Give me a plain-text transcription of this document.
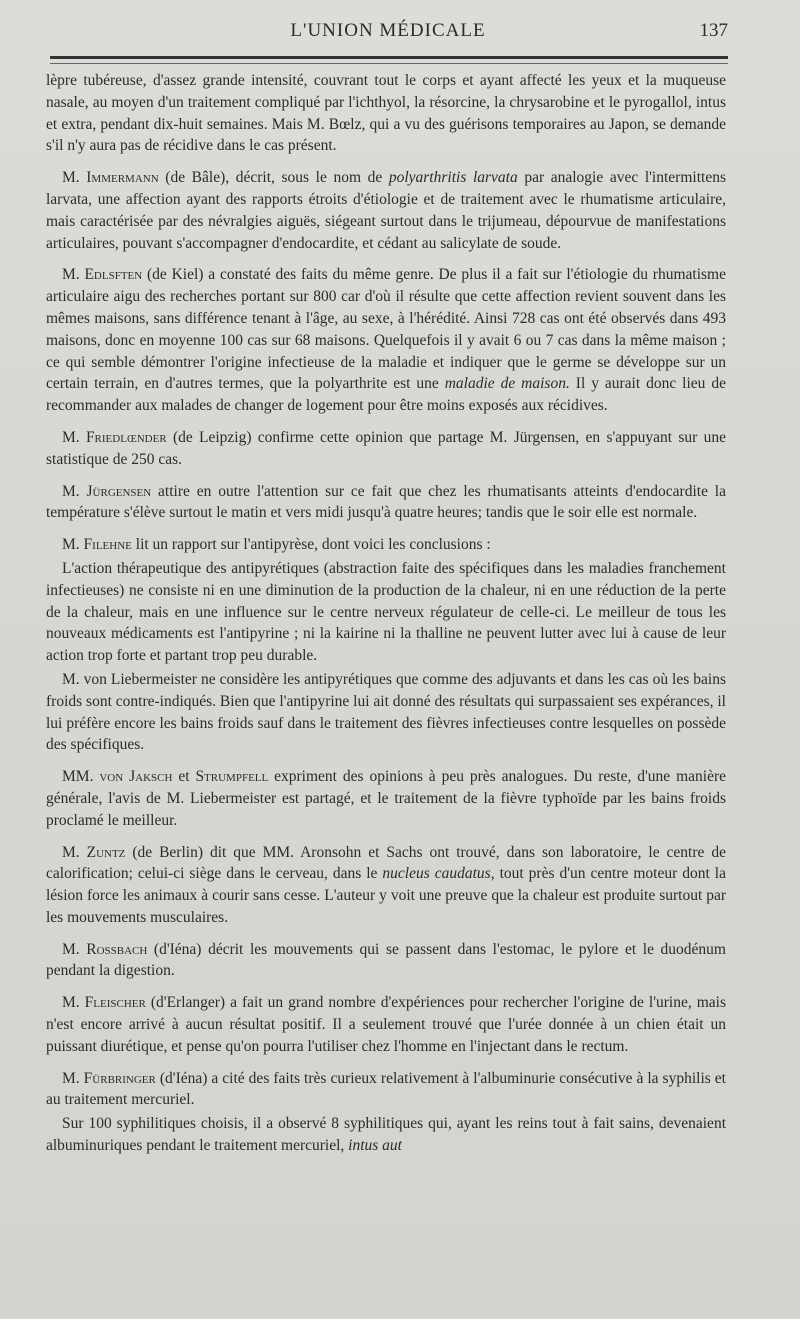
L'UNION MÉDICALE	137

lèpre tubéreuse, d'assez grande intensité, couvrant tout le corps et ayant affecté les yeux et la muqueuse nasale, au moyen d'un traitement compliqué par l'ichthyol, la résorcine, la chrysarobine et le pyrogallol, intus et extra, pendant dix-huit semaines. Mais M. Bœlz, qui a vu des guérisons temporaires au Japon, se demande s'il n'y aura pas de récidive dans le cas présent.

M. Immermann (de Bâle), décrit, sous le nom de polyarthritis larvata par analogie avec l'intermittens larvata, une affection ayant des rapports étroits d'étiologie et de traitement avec le rhumatisme articulaire, mais caractérisée par des névralgies aiguës, siégeant surtout dans le trijumeau, dépourvue de manifestations articulaires, pouvant s'accompagner d'endocardite, et cédant au salicylate de soude.

M. Edlsften (de Kiel) a constaté des faits du même genre. De plus il a fait sur l'étiologie du rhumatisme articulaire aigu des recherches portant sur 800 car d'où il résulte que cette affection revient souvent dans les mêmes maisons, sans différence tenant à l'âge, au sexe, à l'hérédité. Ainsi 728 cas ont été observés dans 493 maisons, donc en moyenne 100 cas sur 68 maisons. Quelquefois il y avait 6 ou 7 cas dans la même maison ; ce qui semble démontrer l'origine infectieuse de la maladie et indiquer que le germe se développe sur un certain terrain, en d'autres termes, que la polyarthrite est une maladie de maison. Il y aurait donc lieu de recommander aux malades de changer de logement pour être moins exposés aux récidives.

M. Friedlœnder (de Leipzig) confirme cette opinion que partage M. Jürgensen, en s'appuyant sur une statistique de 250 cas.

M. Jürgensen attire en outre l'attention sur ce fait que chez les rhumatisants atteints d'endocardite la température s'élève surtout le matin et vers midi jusqu'à quatre heures; tandis que le soir elle est normale.

M. Filehne lit un rapport sur l'antipyrèse, dont voici les conclusions :

L'action thérapeutique des antipyrétiques (abstraction faite des spécifiques dans les maladies franchement infectieuses) ne consiste ni en une diminution de la production de la chaleur, ni en une réduction de la perte de la chaleur, mais en une influence sur le centre nerveux régulateur de celle-ci. Le meilleur de tous les nouveaux médicaments est l'antipyrine ; ni la kairine ni la thalline ne peuvent lutter avec lui à cause de leur action trop forte et partant trop peu durable.

M. von Liebermeister ne considère les antipyrétiques que comme des adjuvants et dans les cas où les bains froids sont contre-indiqués. Bien que l'antipyrine lui ait donné des résultats qui surpassaient ses expérances, il lui préfère encore les bains froids sauf dans le traitement des fièvres infectieuses contre lesquelles on possède des spécifiques.

MM. von Jaksch et Strumpfell expriment des opinions à peu près analogues. Du reste, d'une manière générale, l'avis de M. Liebermeister est partagé, et le traitement de la fièvre typhoïde par les bains froids proclamé le meilleur.

M. Zuntz (de Berlin) dit que MM. Aronsohn et Sachs ont trouvé, dans son laboratoire, le centre de calorification; celui-ci siège dans le cerveau, dans le nucleus caudatus, tout près d'un centre moteur dont la lésion force les animaux à courir sans cesse. L'auteur y voit une preuve que la chaleur est produite surtout par les mouvements musculaires.

M. Rossbach (d'Iéna) décrit les mouvements qui se passent dans l'estomac, le pylore et le duodénum pendant la digestion.

M. Fleischer (d'Erlanger) a fait un grand nombre d'expériences pour rechercher l'origine de l'urine, mais n'est encore arrivé à aucun résultat positif. Il a seulement trouvé que l'urée donnée à un chien était un puissant diurétique, et pense qu'on pourra l'utiliser chez l'homme en l'injectant dans le rectum.

M. Fürbringer (d'Iéna) a cité des faits très curieux relativement à l'albuminurie consécutive à la syphilis et au traitement mercuriel.

Sur 100 syphilitiques choisis, il a observé 8 syphilitiques qui, ayant les reins tout à fait sains, devenaient albuminuriques pendant le traitement mercuriel, intus aut
